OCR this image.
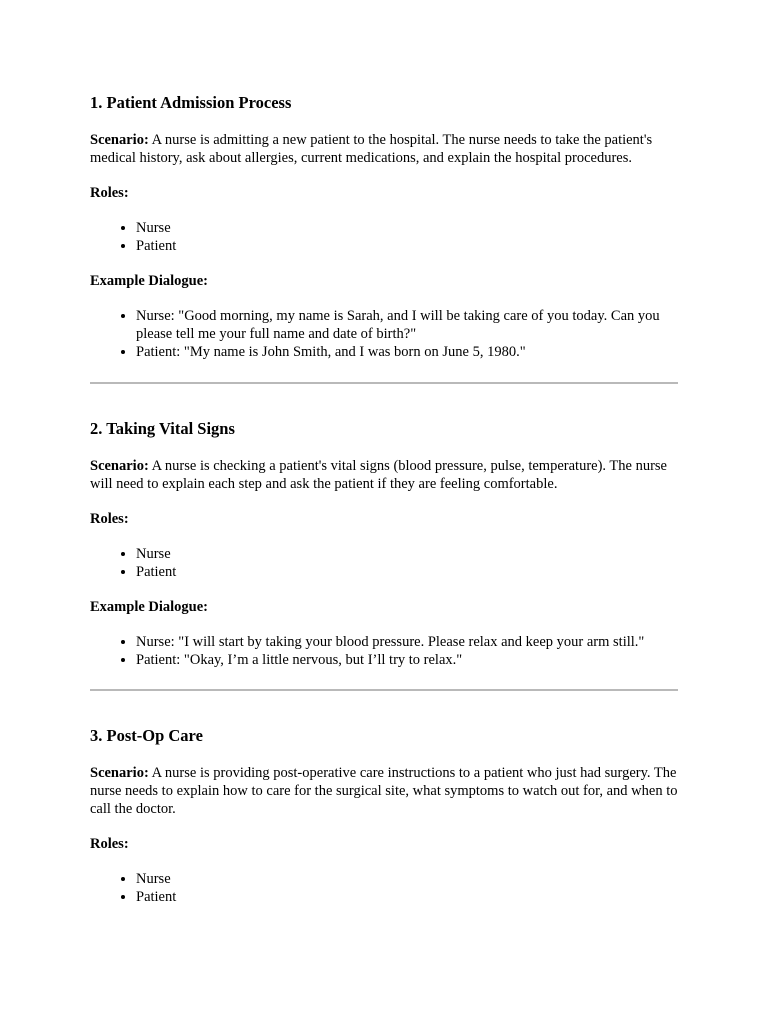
1. Patient Admission Process

Scenario: A nurse is admitting a new patient to the hospital. The nurse needs to take the patient's medical history, ask about allergies, current medications, and explain the hospital procedures.

Roles:

• Nurse
• Patient

Example Dialogue:

• Nurse: "Good morning, my name is Sarah, and I will be taking care of you today. Can you please tell me your full name and date of birth?"
• Patient: "My name is John Smith, and I was born on June 5, 1980."
2. Taking Vital Signs

Scenario: A nurse is checking a patient's vital signs (blood pressure, pulse, temperature). The nurse will need to explain each step and ask the patient if they are feeling comfortable.

Roles:

• Nurse
• Patient

Example Dialogue:

• Nurse: "I will start by taking your blood pressure. Please relax and keep your arm still."
• Patient: "Okay, I’m a little nervous, but I’ll try to relax."
3. Post-Op Care

Scenario: A nurse is providing post-operative care instructions to a patient who just had surgery. The nurse needs to explain how to care for the surgical site, what symptoms to watch out for, and when to call the doctor.

Roles:

• Nurse
• Patient
